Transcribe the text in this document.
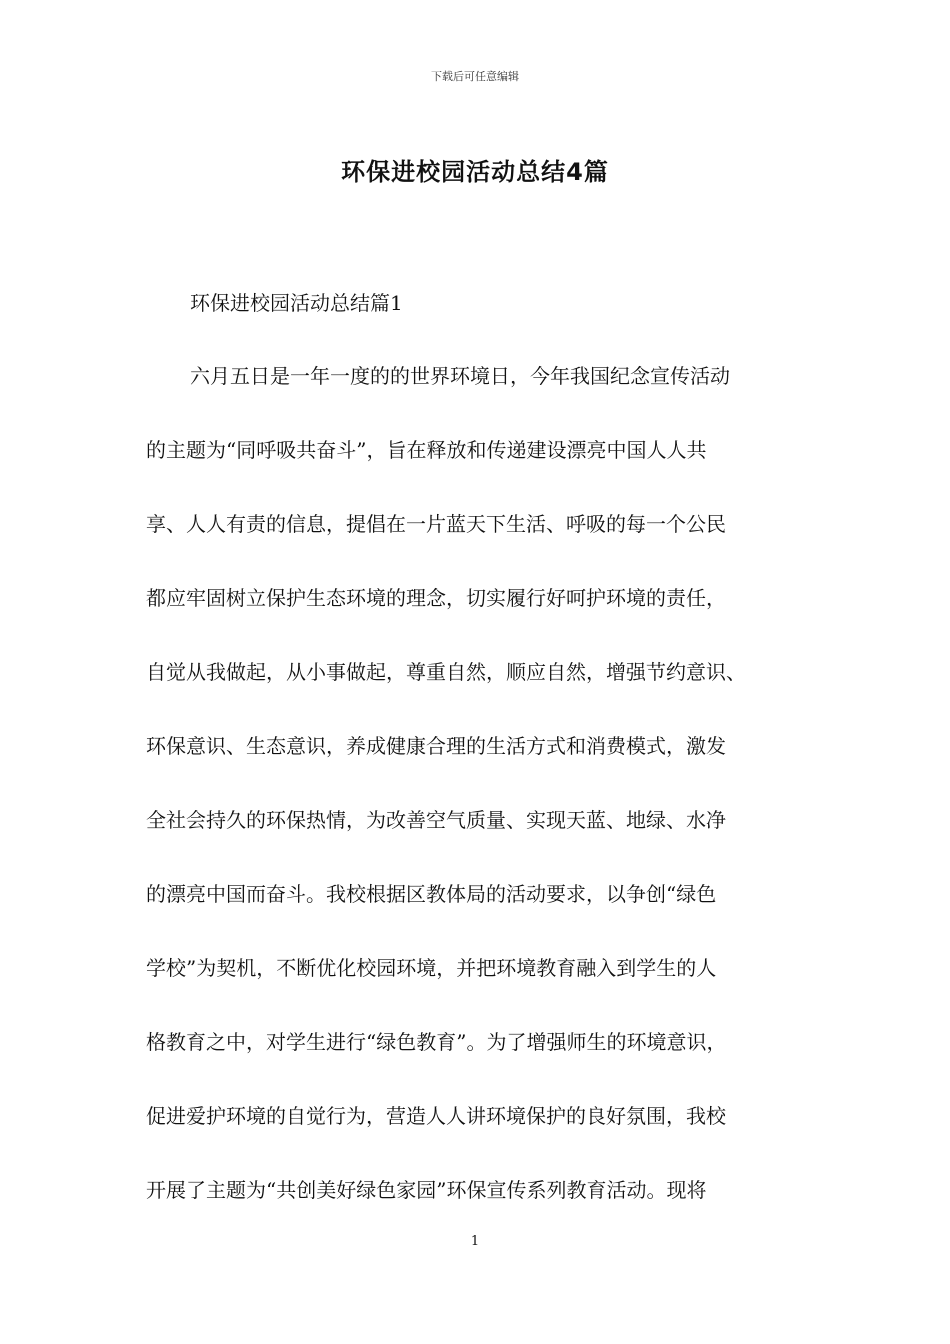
下载后可任意编辑
环保进校园活动总结4篇
环保进校园活动总结篇1
六月五日是一年一度的的世界环境日，今年我国纪念宣传活动
的主题为“同呼吸共奋斗”，旨在释放和传递建设漂亮中国人人共
享、人人有责的信息，提倡在一片蓝天下生活、呼吸的每一个公民
都应牢固树立保护生态环境的理念，切实履行好呵护环境的责任，
自觉从我做起，从小事做起，尊重自然，顺应自然，增强节约意识、
环保意识、生态意识，养成健康合理的生活方式和消费模式，激发
全社会持久的环保热情，为改善空气质量、实现天蓝、地绿、水净
的漂亮中国而奋斗。我校根据区教体局的活动要求，以争创“绿色
学校”为契机，不断优化校园环境，并把环境教育融入到学生的人
格教育之中，对学生进行“绿色教育”。为了增强师生的环境意识，
促进爱护环境的自觉行为，营造人人讲环境保护的良好氛围，我校
开展了主题为“共创美好绿色家园”环保宣传系列教育活动。现将
1
